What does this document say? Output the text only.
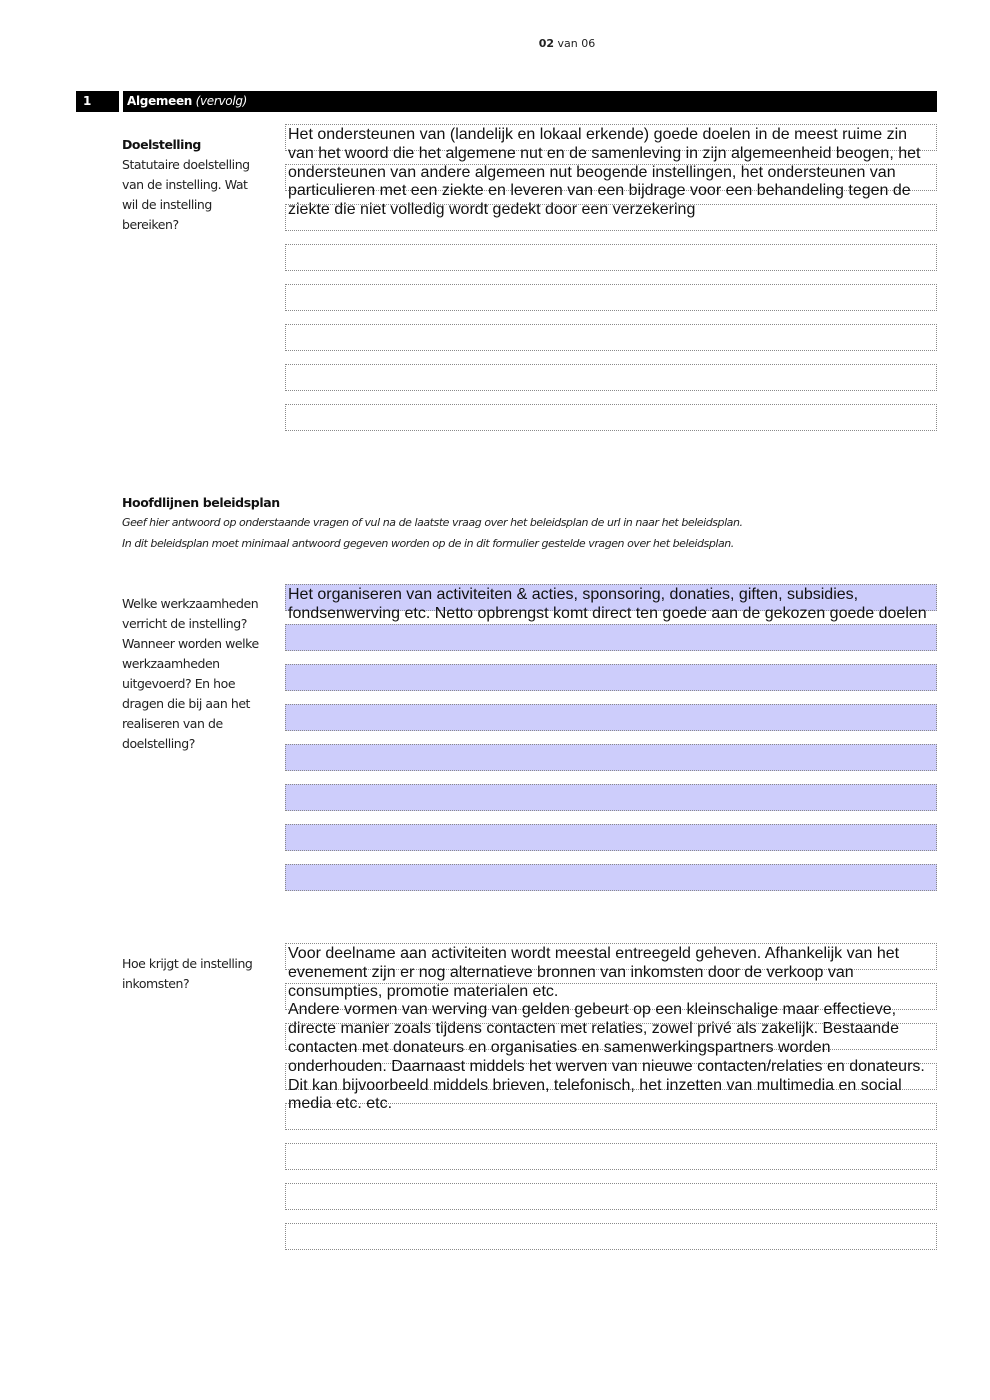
02 van 06
1	Algemeen (vervolg)
Doelstelling
Statutaire doelstelling van de instelling. Wat wil de instelling bereiken?
Het ondersteunen van (landelijk en lokaal erkende) goede doelen in de meest ruime zin van het woord die het algemene nut en de samenleving in zijn algemeenheid beogen, het ondersteunen van andere algemeen nut beogende instellingen, het ondersteunen van particulieren met een ziekte en leveren van een bijdrage voor een behandeling tegen de ziekte die niet volledig wordt gedekt door een verzekering
Hoofdlijnen beleidsplan
Geef hier antwoord op onderstaande vragen of vul na de laatste vraag over het beleidsplan de url in naar het beleidsplan.
In dit beleidsplan moet minimaal antwoord gegeven worden op de in dit formulier gestelde vragen over het beleidsplan.
Welke werkzaamheden verricht de instelling? Wanneer worden welke werkzaamheden uitgevoerd? En hoe dragen die bij aan het realiseren van de doelstelling?
Het organiseren van activiteiten & acties, sponsoring, donaties, giften, subsidies, fondsenwerving etc. Netto opbrengst komt direct ten goede aan de gekozen goede doelen
Hoe krijgt de instelling inkomsten?
Voor deelname aan activiteiten wordt meestal entreegeld geheven. Afhankelijk van het evenement zijn er nog alternatieve bronnen van inkomsten door de verkoop van consumpties, promotie materialen etc.
Andere vormen van werving van gelden gebeurt op een kleinschalige maar effectieve, directe manier zoals tijdens contacten met relaties, zowel privé als zakelijk. Bestaande contacten met donateurs en organisaties en samenwerkingspartners worden onderhouden. Daarnaast middels het werven van nieuwe contacten/relaties en donateurs. Dit kan bijvoorbeeld middels brieven, telefonisch, het inzetten van multimedia en social media etc. etc.
